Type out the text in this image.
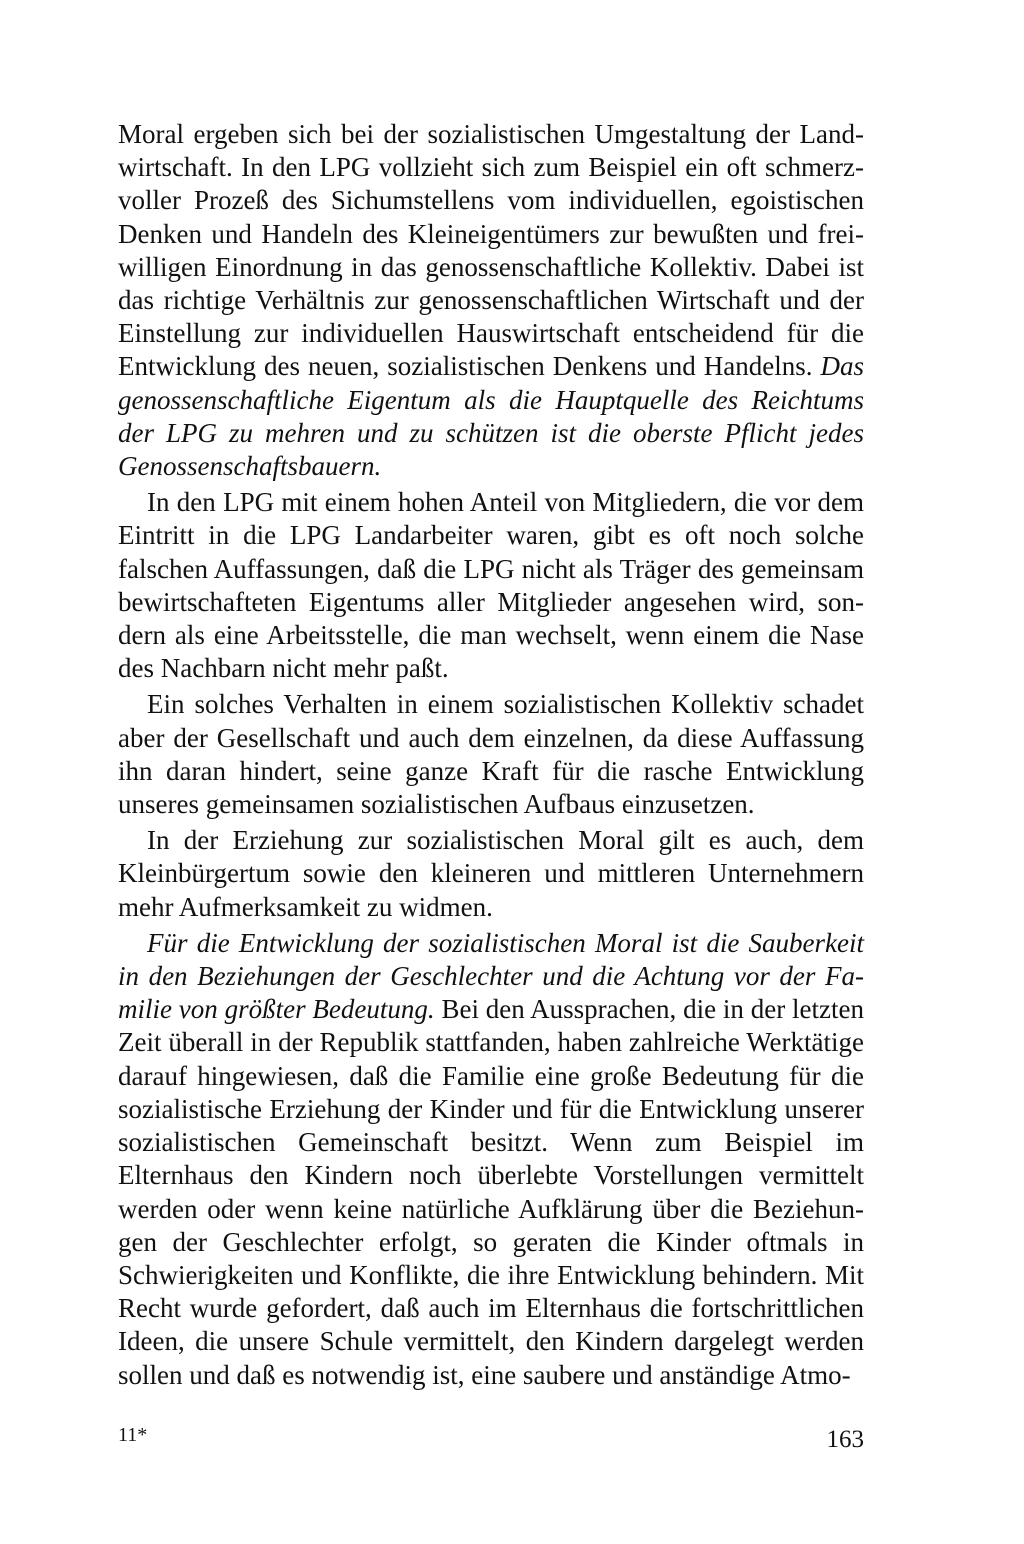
Moral ergeben sich bei der sozialistischen Umgestaltung der Landwirtschaft. In den LPG vollzieht sich zum Beispiel ein oft schmerzvoller Prozeß des Sichumstellens vom individuellen, egoistischen Denken und Handeln des Kleineigentümers zur bewußten und freiwilligen Einordnung in das genossenschaftliche Kollektiv. Dabei ist das richtige Verhältnis zur genossenschaftlichen Wirtschaft und der Einstellung zur individuellen Hauswirtschaft entscheidend für die Entwicklung des neuen, sozialistischen Denkens und Handelns. Das genossenschaftliche Eigentum als die Hauptquelle des Reichtums der LPG zu mehren und zu schützen ist die oberste Pflicht jedes Genossenschaftsbauern.

In den LPG mit einem hohen Anteil von Mitgliedern, die vor dem Eintritt in die LPG Landarbeiter waren, gibt es oft noch solche falschen Auffassungen, daß die LPG nicht als Träger des gemeinsam bewirtschafteten Eigentums aller Mitglieder angesehen wird, sondern als eine Arbeitsstelle, die man wechselt, wenn einem die Nase des Nachbarn nicht mehr paßt.

Ein solches Verhalten in einem sozialistischen Kollektiv schadet aber der Gesellschaft und auch dem einzelnen, da diese Auffassung ihn daran hindert, seine ganze Kraft für die rasche Entwicklung unseres gemeinsamen sozialistischen Aufbaus einzusetzen.

In der Erziehung zur sozialistischen Moral gilt es auch, dem Kleinbürgertum sowie den kleineren und mittleren Unternehmern mehr Aufmerksamkeit zu widmen.

Für die Entwicklung der sozialistischen Moral ist die Sauberkeit in den Beziehungen der Geschlechter und die Achtung vor der Familie von größter Bedeutung. Bei den Aussprachen, die in der letzten Zeit überall in der Republik stattfanden, haben zahlreiche Werktätige darauf hingewiesen, daß die Familie eine große Bedeutung für die sozialistische Erziehung der Kinder und für die Entwicklung unserer sozialistischen Gemeinschaft besitzt. Wenn zum Beispiel im Elternhaus den Kindern noch überlebte Vorstellungen vermittelt werden oder wenn keine natürliche Aufklärung über die Beziehungen der Geschlechter erfolgt, so geraten die Kinder oftmals in Schwierigkeiten und Konflikte, die ihre Entwicklung behindern. Mit Recht wurde gefordert, daß auch im Elternhaus die fortschrittlichen Ideen, die unsere Schule vermittelt, den Kindern dargelegt werden sollen und daß es notwendig ist, eine saubere und anständige Atmo-

11*	163
